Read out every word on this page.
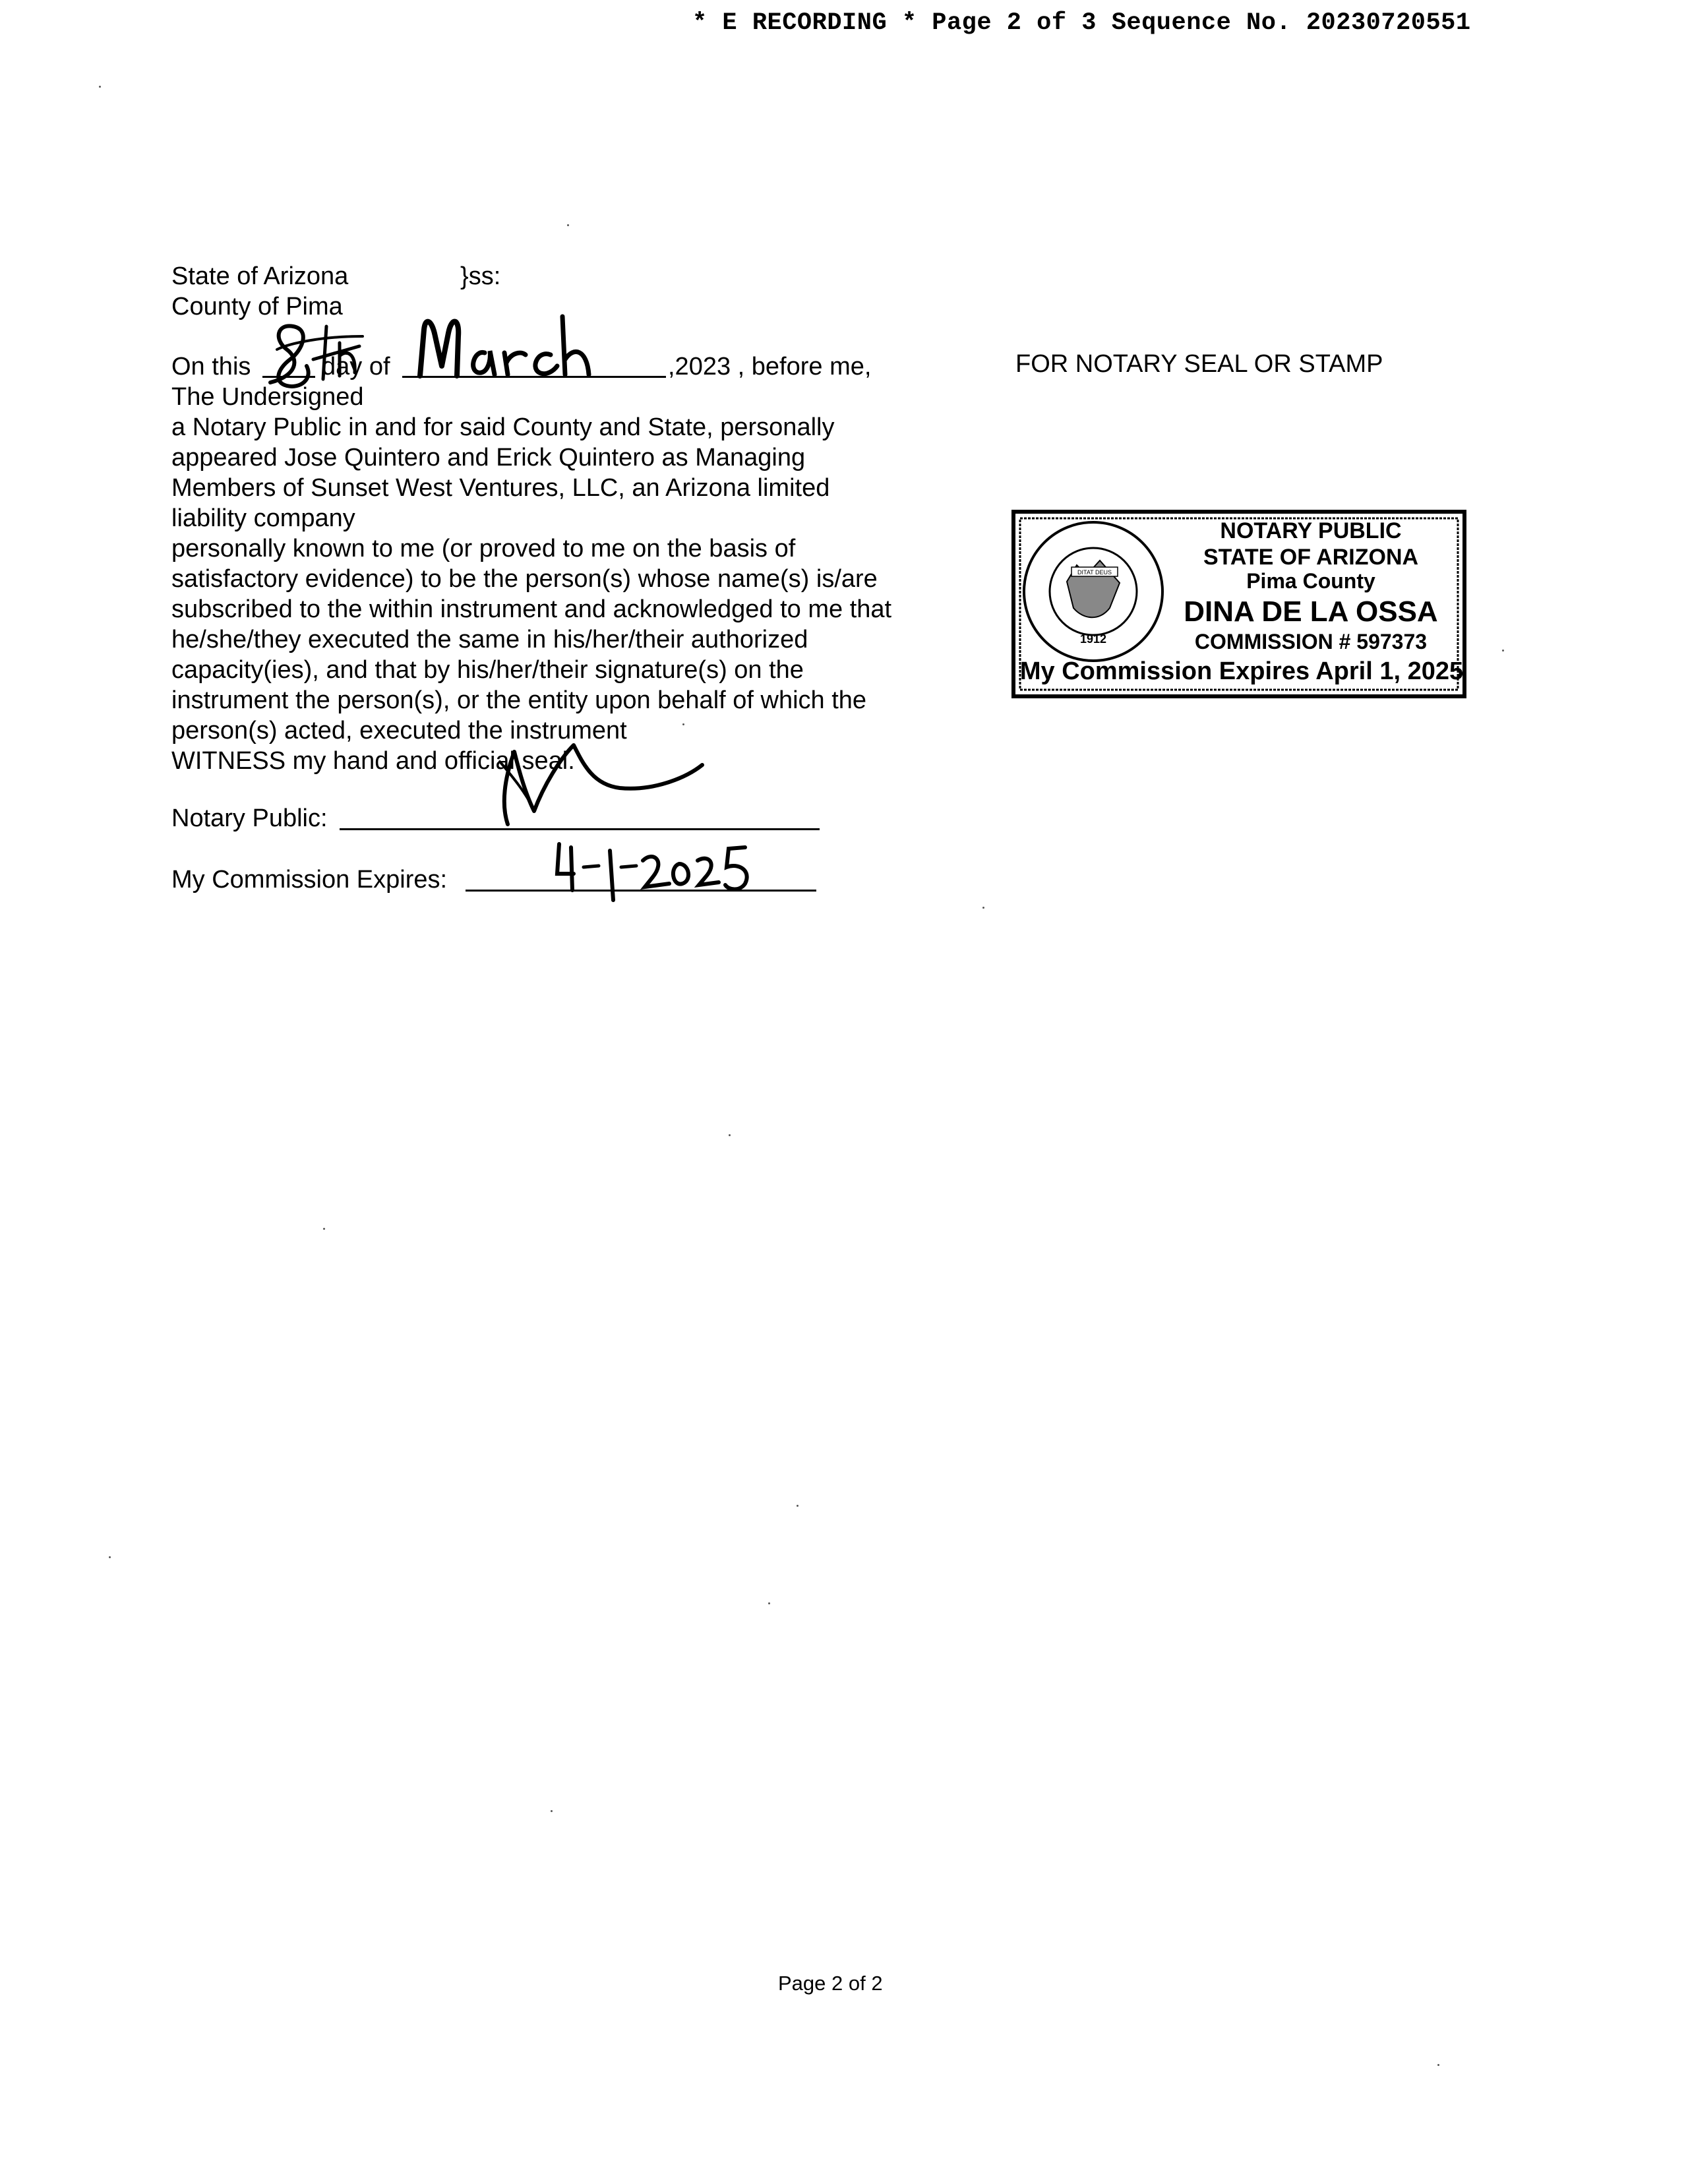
* E RECORDING * Page 2 of 3 Sequence No. 20230720551
State of Arizona	}ss:
County of Pima
On this	day of	,2023 , before me,
The Undersigned
a Notary Public in and for said County and State, personally
appeared Jose Quintero and Erick Quintero as Managing
Members of Sunset West Ventures, LLC, an Arizona limited
liability company
personally known to me (or proved to me on the basis of
satisfactory evidence) to be the person(s) whose name(s) is/are
subscribed to the within instrument and acknowledged to me that
he/she/they executed the same in his/her/their authorized
capacity(ies), and that by his/her/their signature(s) on the
instrument the person(s), or the entity upon behalf of which the
person(s) acted, executed the instrument
WITNESS my hand and official seal.
Notary Public:
My Commission Expires:
FOR NOTARY SEAL OR STAMP
DITAT DEUS
1912
NOTARY PUBLIC
STATE OF ARIZONA
Pima County
DINA DE LA OSSA
COMMISSION # 597373
My Commission Expires April 1, 2025
Page 2 of 2
